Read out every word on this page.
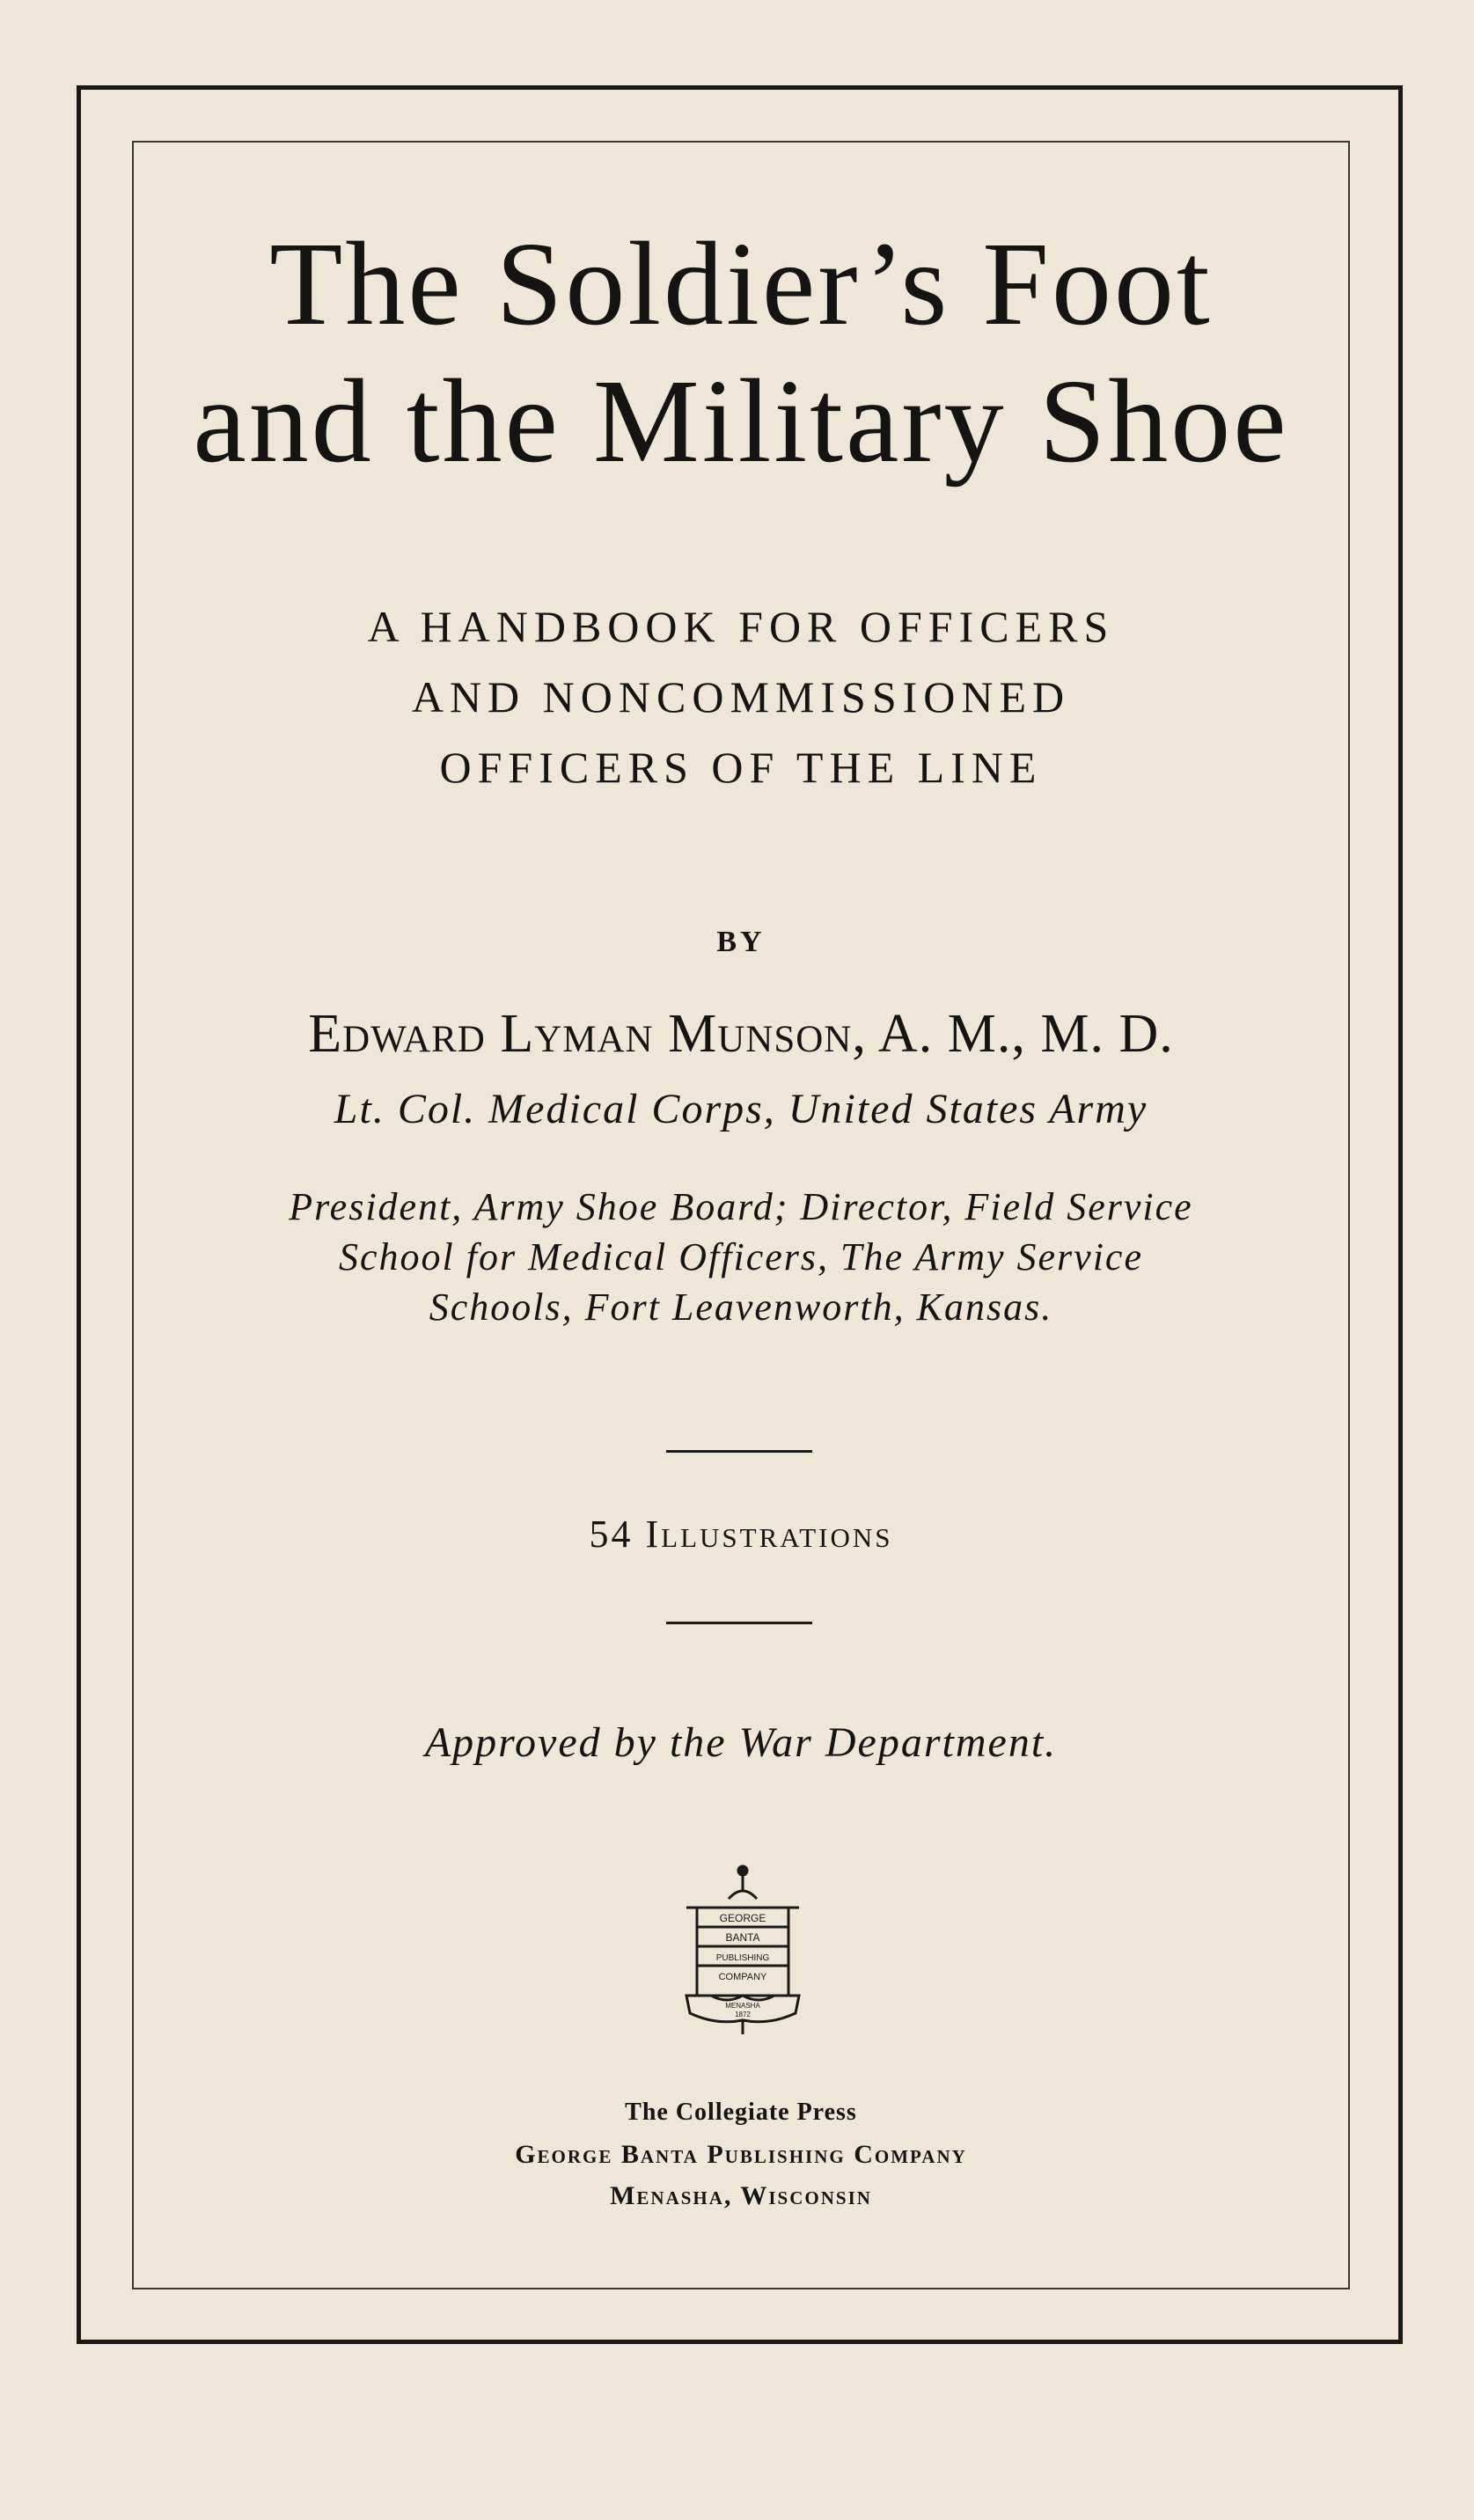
The Soldier’s Foot
and the Military Shoe
A HANDBOOK FOR OFFICERS
AND NONCOMMISSIONED
OFFICERS OF THE LINE
BY
Edward Lyman Munson, A. M., M. D.
Lt. Col. Medical Corps, United States Army
President, Army Shoe Board; Director, Field Service
School for Medical Officers, The Army Service
Schools, Fort Leavenworth, Kansas.
54 Illustrations
Approved by the War Department.
GEORGE
BANTA
PUBLISHING
COMPANY
MENASHA
1872
The Collegiate Press
George Banta Publishing Company
Menasha, Wisconsin
